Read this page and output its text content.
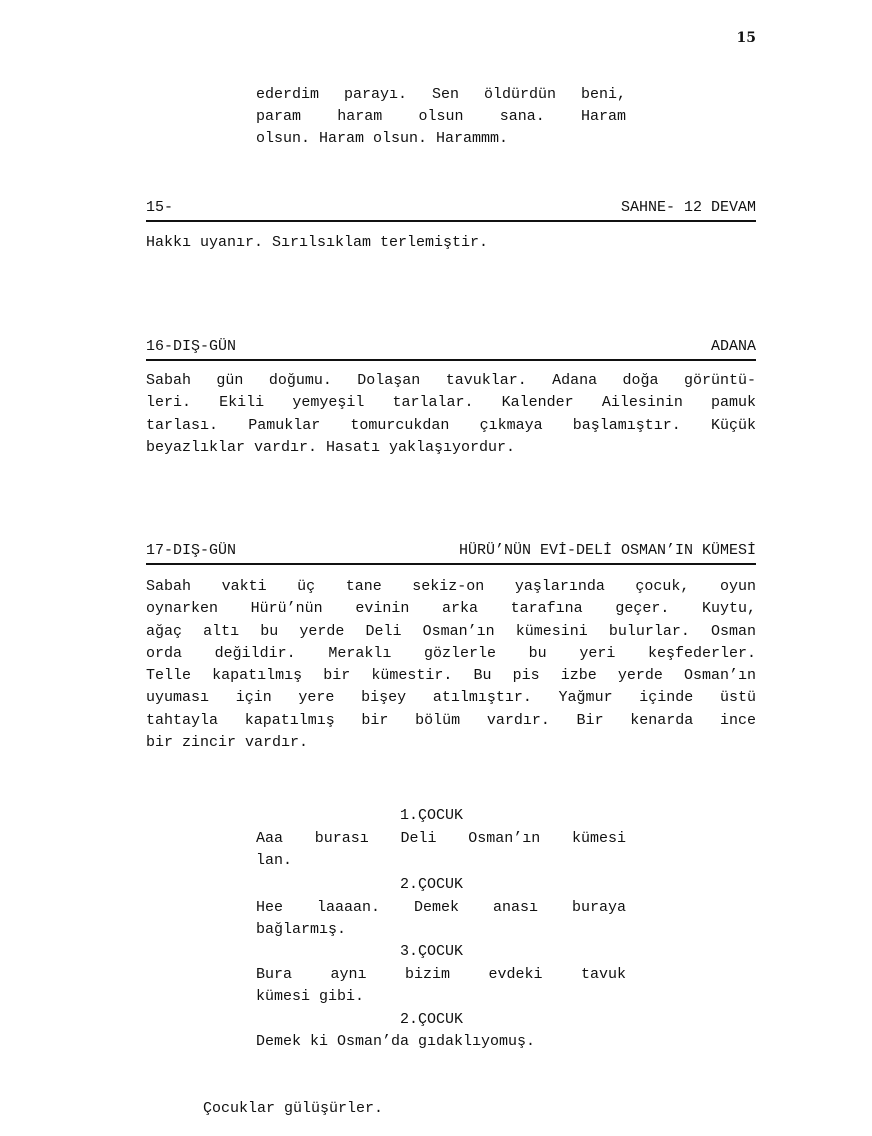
15
ederdim parayı. Sen öldürdün beni,
param haram olsun sana. Haram
olsun. Haram olsun. Harammm.
15-	SAHNE- 12 DEVAM
Hakkı uyanır. Sırılsıklam terlemiştir.
16-DIŞ-GÜN	ADANA
Sabah gün doğumu. Dolaşan tavuklar. Adana doğa görüntü-
leri. Ekili yemyeşil tarlalar. Kalender Ailesinin pamuk
tarlası. Pamuklar tomurcukdan çıkmaya başlamıştır. Küçük
beyazlıklar vardır. Hasatı yaklaşıyordur.
17-DIŞ-GÜN	HÜRÜ’NÜN EVİ-DELİ OSMAN’IN KÜMESİ
Sabah vakti üç tane sekiz-on yaşlarında çocuk, oyun
oynarken Hürü’nün evinin arka tarafına geçer. Kuytu,
ağaç altı bu yerde Deli Osman’ın kümesini bulurlar. Osman
orda değildir. Meraklı gözlerle bu yeri keşfederler.
Telle kapatılmış bir kümestir. Bu pis izbe yerde Osman’ın
uyuması için yere bişey atılmıştır. Yağmur içinde üstü
tahtayla kapatılmış bir bölüm vardır. Bir kenarda ince
bir zincir vardır.
1.ÇOCUK
Aaa burası Deli Osman’ın kümesi
lan.
2.ÇOCUK
Hee laaaan. Demek anası buraya
bağlarmış.
3.ÇOCUK
Bura aynı bizim evdeki tavuk
kümesi gibi.
2.ÇOCUK
Demek ki Osman’da gıdaklıyomuş.
Çocuklar gülüşürler.
